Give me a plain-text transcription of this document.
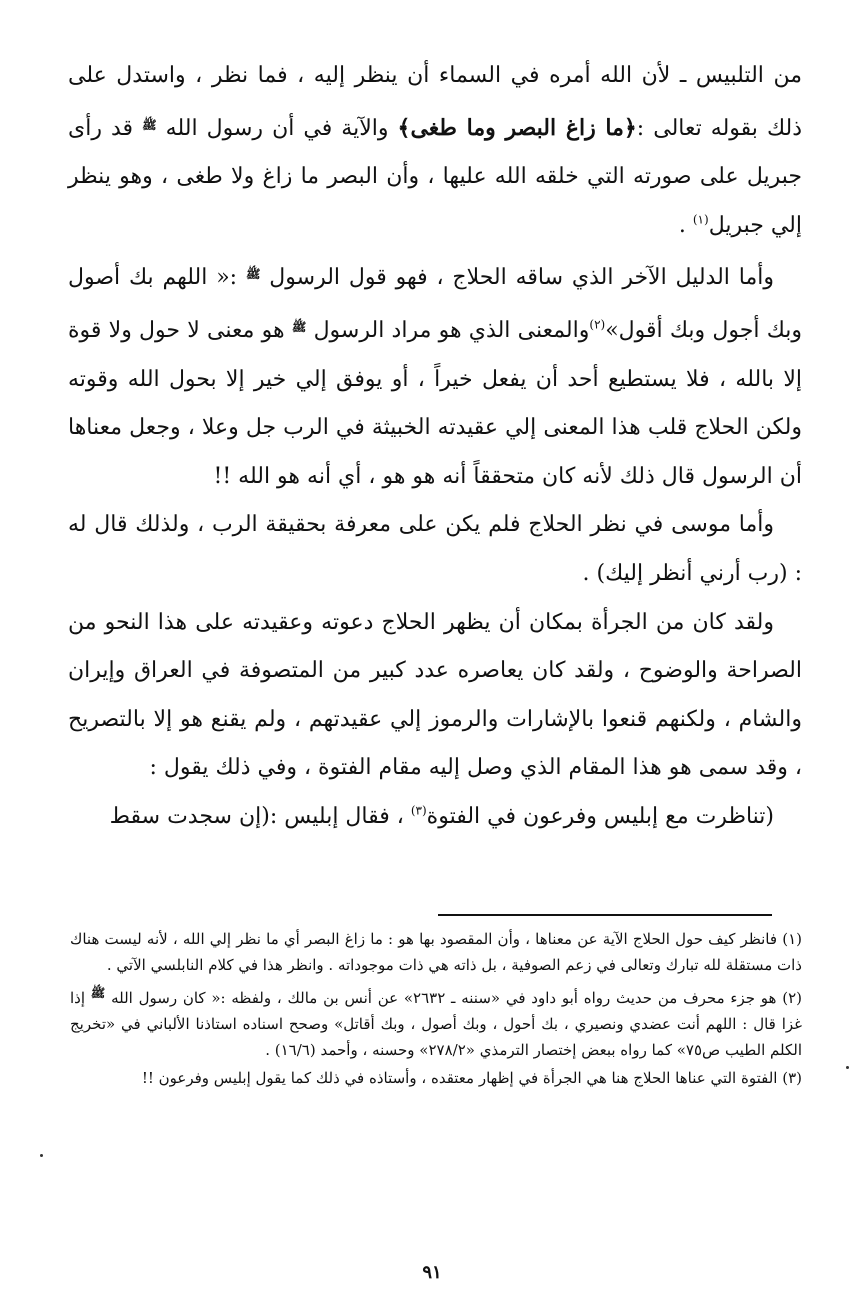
من التلبيس ـ لأن الله أمره في السماء أن ينظر إليه ، فما نظر ، واستدل على ذلك بقوله تعالى :﴿ما زاغ البصر وما طغى﴾ والآية في أن رسول الله $^ﷺ$ قد رأى جبريل على صورته التي خلقه الله عليها ، وأن البصر ما زاغ ولا طغى ، وهو ينظر إلي جبريل$^{(١)}$ .

وأما الدليل الآخر الذي ساقه الحلاج ، فهو قول الرسول $^ﷺ$ :« اللهم بك أصول وبك أجول وبك أقول»$^{(٢)}$والمعنى الذي هو مراد الرسول $^ﷺ$ هو معنى لا حول ولا قوة إلا بالله ، فلا يستطيع أحد أن يفعل خيراً ، أو يوفق إلي خير إلا بحول الله وقوته ولكن الحلاج قلب هذا المعنى إلي عقيدته الخبيثة في الرب جل وعلا ، وجعل معناها أن الرسول قال ذلك لأنه كان متحققاً أنه هو هو ، أي أنه هو الله !!

وأما موسى في نظر الحلاج فلم يكن على معرفة بحقيقة الرب ، ولذلك قال له : (رب أرني أنظر إليك) .

ولقد كان من الجرأة بمكان أن يظهر الحلاج دعوته وعقيدته على هذا النحو من الصراحة والوضوح ، ولقد كان يعاصره عدد كبير من المتصوفة في العراق وإيران والشام ، ولكنهم قنعوا بالإشارات والرموز إلي عقيدتهم ، ولم يقنع هو إلا بالتصريح ، وقد سمى هو هذا المقام الذي وصل إليه مقام الفتوة ، وفي ذلك يقول :

(تناظرت مع إبليس وفرعون في الفتوة$^{(٣)}$ ، فقال إبليس :(إن سجدت سقط

(١) فانظر كيف حول الحلاج الآية عن معناها ، وأن المقصود بها هو : ما زاغ البصر أي ما نظر إلي الله ، لأنه ليست هناك ذات مستقلة لله تبارك وتعالى في زعم الصوفية ، بل ذاته هي ذات موجوداته . وانظر هذا في كلام النابلسي الآتي .

(٢) هو جزء محرف من حديث رواه أبو داود في «سننه ـ ٢٦٣٢» عن أنس بن مالك ، ولفظه :« كان رسول الله $^ﷺ$ إذا غزا قال : اللهم أنت عضدي ونصيري ، بك أحول ، وبك أصول ، وبك أقاتل» وصحح اسناده استاذنا الألباني في «تخريج الكلم الطيب ص٧٥» كما رواه ببعض إختصار الترمذي «٢٧٨/٢» وحسنه ، وأحمد (١٦/٦) .

(٣) الفتوة التي عناها الحلاج هنا هي الجرأة في إظهار معتقده ، وأستاذه في ذلك كما يقول إبليس وفرعون !!

٩١
